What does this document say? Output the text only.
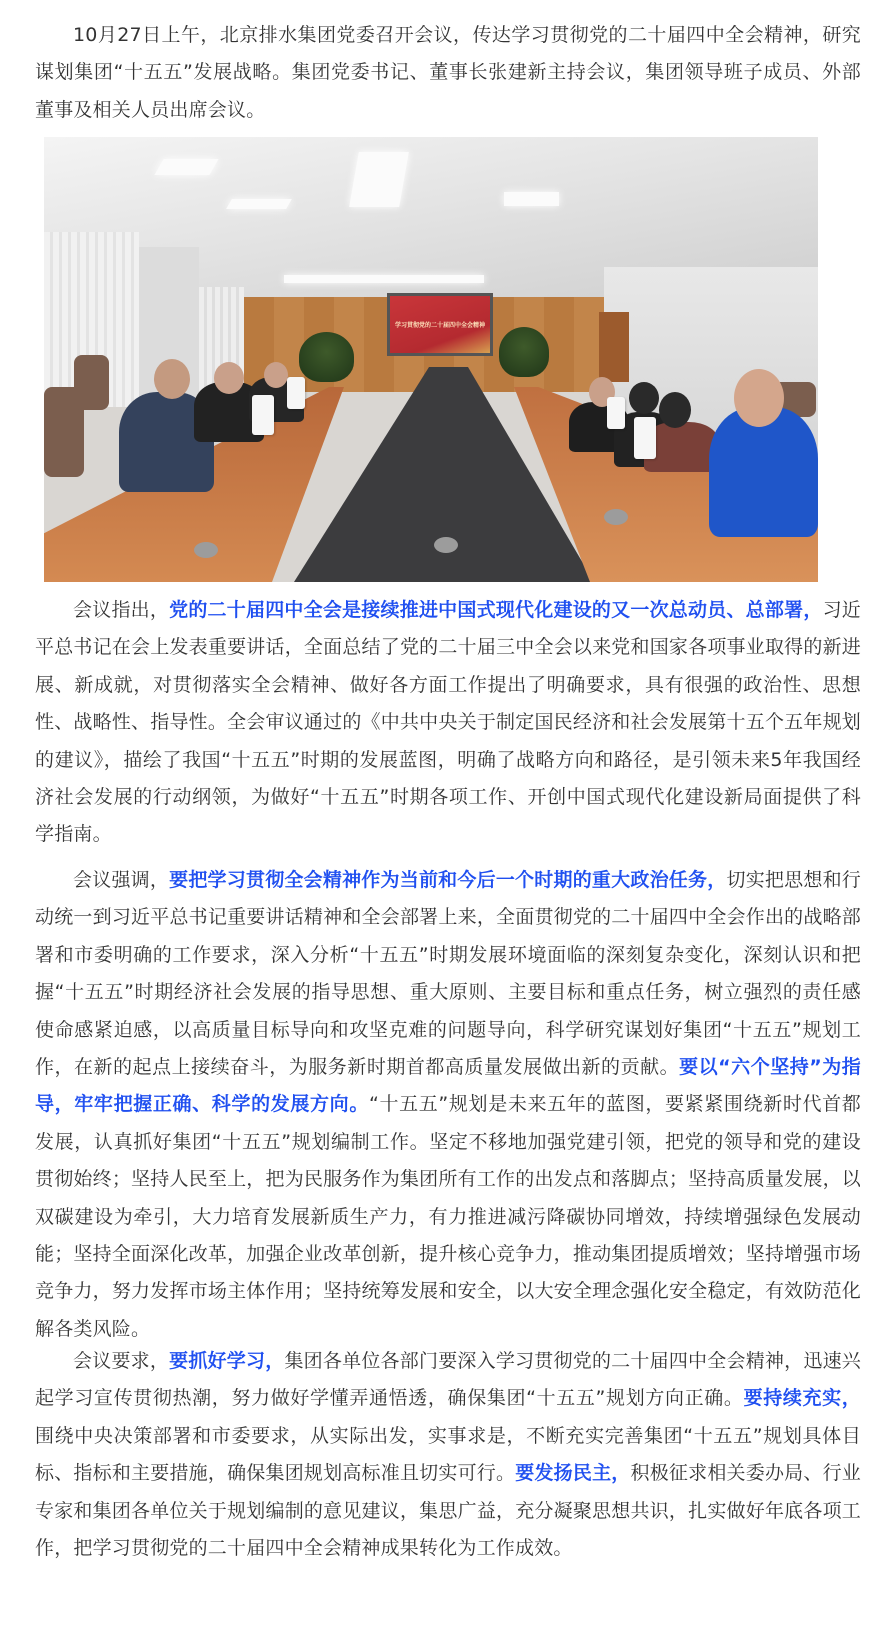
10月27日上午，北京排水集团党委召开会议，传达学习贯彻党的二十届四中全会精神，研究谋划集团“十五五”发展战略。集团党委书记、董事长张建新主持会议，集团领导班子成员、外部董事及相关人员出席会议。

会议指出，党的二十届四中全会是接续推进中国式现代化建设的又一次总动员、总部署，习近平总书记在会上发表重要讲话，全面总结了党的二十届三中全会以来党和国家各项事业取得的新进展、新成就，对贯彻落实全会精神、做好各方面工作提出了明确要求，具有很强的政治性、思想性、战略性、指导性。全会审议通过的《中共中央关于制定国民经济和社会发展第十五个五年规划的建议》，描绘了我国“十五五”时期的发展蓝图，明确了战略方向和路径，是引领未来5年我国经济社会发展的行动纲领，为做好“十五五”时期各项工作、开创中国式现代化建设新局面提供了科学指南。

会议强调，要把学习贯彻全会精神作为当前和今后一个时期的重大政治任务，切实把思想和行动统一到习近平总书记重要讲话精神和全会部署上来，全面贯彻党的二十届四中全会作出的战略部署和市委明确的工作要求，深入分析“十五五”时期发展环境面临的深刻复杂变化，深刻认识和把握“十五五”时期经济社会发展的指导思想、重大原则、主要目标和重点任务，树立强烈的责任感使命感紧迫感，以高质量目标导向和攻坚克难的问题导向，科学研究谋划好集团“十五五”规划工作，在新的起点上接续奋斗，为服务新时期首都高质量发展做出新的贡献。要以“六个坚持”为指导，牢牢把握正确、科学的发展方向。“十五五”规划是未来五年的蓝图，要紧紧围绕新时代首都发展，认真抓好集团“十五五”规划编制工作。坚定不移地加强党建引领，把党的领导和党的建设贯彻始终；坚持人民至上，把为民服务作为集团所有工作的出发点和落脚点；坚持高质量发展，以双碳建设为牵引，大力培育发展新质生产力，有力推进减污降碳协同增效，持续增强绿色发展动能；坚持全面深化改革，加强企业改革创新，提升核心竞争力，推动集团提质增效；坚持增强市场竞争力，努力发挥市场主体作用；坚持统筹发展和安全，以大安全理念强化安全稳定，有效防范化解各类风险。

会议要求，要抓好学习，集团各单位各部门要深入学习贯彻党的二十届四中全会精神，迅速兴起学习宣传贯彻热潮，努力做好学懂弄通悟透，确保集团“十五五”规划方向正确。要持续充实，围绕中央决策部署和市委要求，从实际出发，实事求是，不断充实完善集团“十五五”规划具体目标、指标和主要措施，确保集团规划高标准且切实可行。要发扬民主，积极征求相关委办局、行业专家和集团各单位关于规划编制的意见建议，集思广益，充分凝聚思想共识，扎实做好年底各项工作，把学习贯彻党的二十届四中全会精神成果转化为工作成效。

学习贯彻党的二十届四中全会精神
